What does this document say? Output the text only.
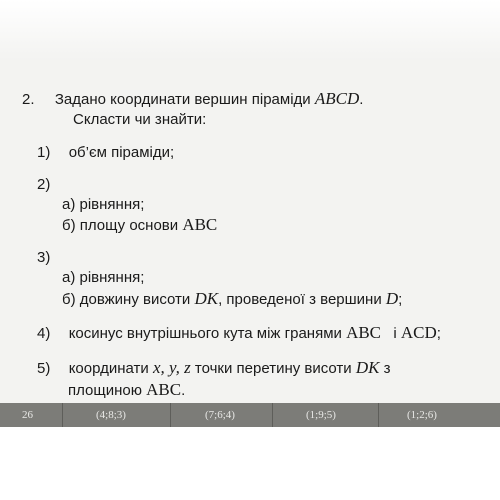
2. Задано координати вершин піраміди ABCD.
Скласти чи знайти:
1) об’єм піраміди;
2)
а) рівняння;
б) площу основи ABC
3)
а) рівняння;
б) довжину висоти DK, проведеної з вершини D;
4) косинус внутрішнього кута між гранями ABC і ACD;
5) координати x, y, z точки перетину висоти DK з
площиною ABC.
26	(4;8;3)	(7;6;4)	(1;9;5)	(1;2;6)
